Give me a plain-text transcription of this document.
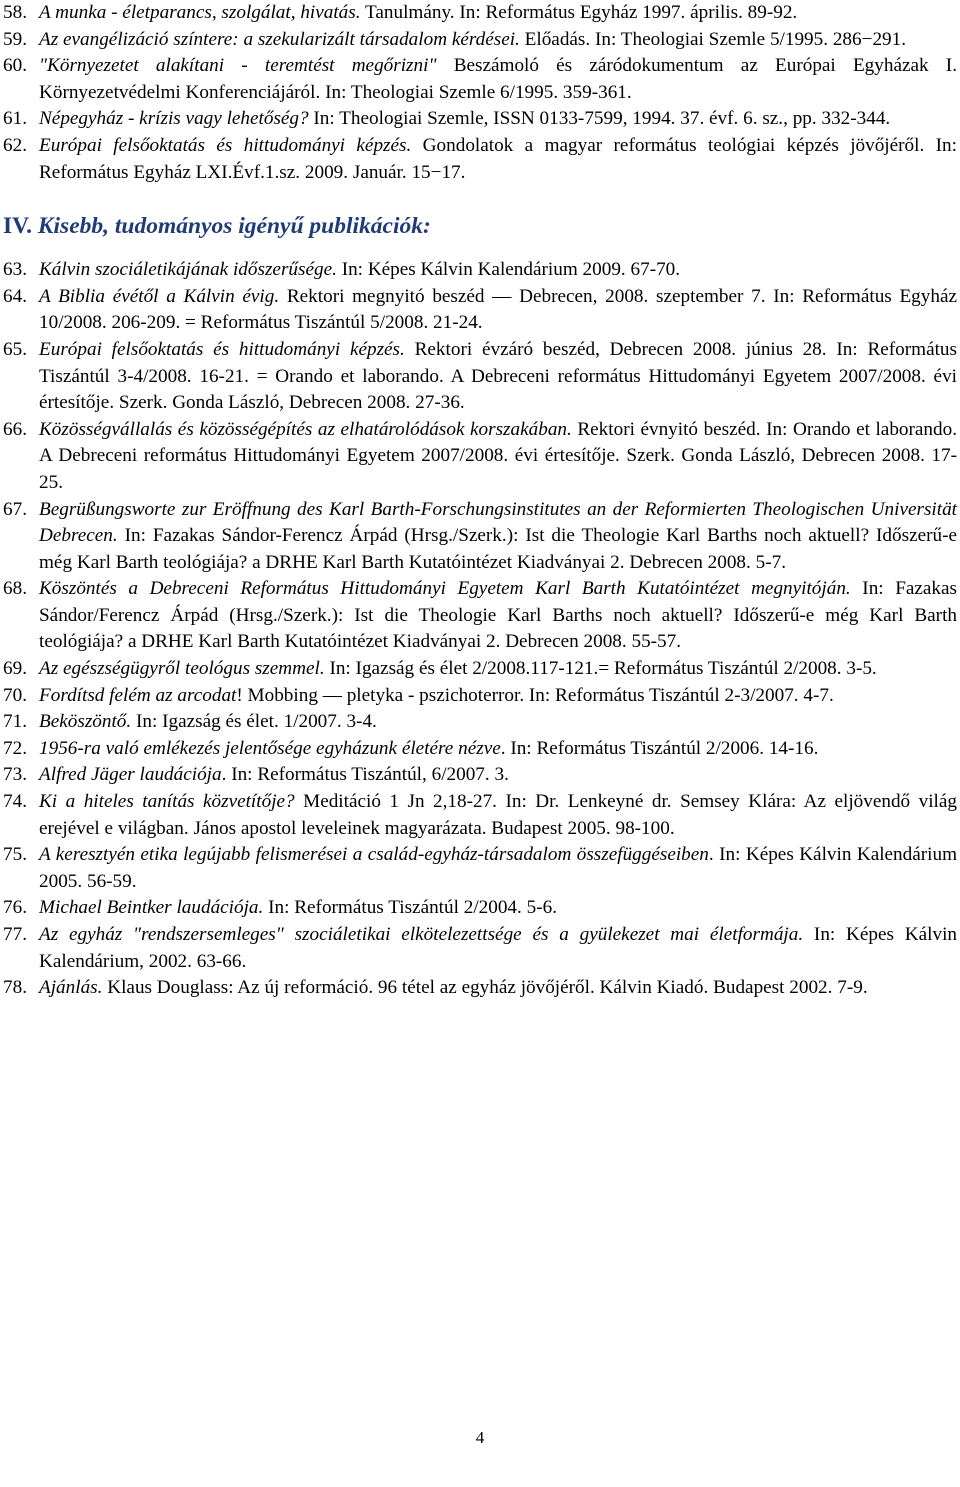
58. A munka - életparancs, szolgálat, hivatás. Tanulmány. In: Református Egyház 1997. április. 89-92.
59. Az evangélizáció színtere: a szekularizált társadalom kérdései. Előadás. In: Theologiai Szemle 5/1995. 286−291.
60. "Környezetet alakítani - teremtést megőrizni" Beszámoló és záródokumentum az Európai Egyházak I. Környezetvédelmi Konferenciájáról. In: Theologiai Szemle 6/1995. 359-361.
61. Népegyház - krízis vagy lehetőség? In: Theologiai Szemle, ISSN 0133-7599, 1994. 37. évf. 6. sz., pp. 332-344.
62. Európai felsőoktatás és hittudományi képzés. Gondolatok a magyar református teológiai képzés jövőjéről. In: Református Egyház LXI.Évf.1.sz. 2009. Január. 15−17.
IV. Kisebb, tudományos igényű publikációk:
63. Kálvin szociáletikájának időszerűsége. In: Képes Kálvin Kalendárium 2009. 67-70.
64. A Biblia évétől a Kálvin évig. Rektori megnyitó beszéd ― Debrecen, 2008. szeptember 7. In: Református Egyház 10/2008. 206-209. = Református Tiszántúl 5/2008. 21-24.
65. Európai felsőoktatás és hittudományi képzés. Rektori évzáró beszéd, Debrecen 2008. június 28. In: Református Tiszántúl 3-4/2008. 16-21. = Orando et laborando. A Debreceni református Hittudományi Egyetem 2007/2008. évi értesítője. Szerk. Gonda László, Debrecen 2008. 27-36.
66. Közösségvállalás és közösségépítés az elhatárolódások korszakában. Rektori évnyitó beszéd. In: Orando et laborando. A Debreceni református Hittudományi Egyetem 2007/2008. évi értesítője. Szerk. Gonda László, Debrecen 2008. 17-25.
67. Begrüßungsworte zur Eröffnung des Karl Barth-Forschungsinstitutes an der Reformierten Theologischen Universität Debrecen. In: Fazakas Sándor-Ferencz Árpád (Hrsg./Szerk.): Ist die Theologie Karl Barths noch aktuell? Időszerű-e még Karl Barth teológiája? a DRHE Karl Barth Kutatóintézet Kiadványai 2. Debrecen 2008. 5-7.
68. Köszöntés a Debreceni Református Hittudományi Egyetem Karl Barth Kutatóintézet megnyitóján. In: Fazakas Sándor/Ferencz Árpád (Hrsg./Szerk.): Ist die Theologie Karl Barths noch aktuell? Időszerű-e még Karl Barth teológiája? a DRHE Karl Barth Kutatóintézet Kiadványai 2. Debrecen 2008. 55-57.
69. Az egészségügyről teológus szemmel. In: Igazság és élet 2/2008.117-121.= Református Tiszántúl 2/2008. 3-5.
70. Fordítsd felém az arcodat! Mobbing ― pletyka - pszichoterror. In: Református Tiszántúl 2-3/2007. 4-7.
71. Beköszöntő. In: Igazság és élet. 1/2007. 3-4.
72. 1956-ra való emlékezés jelentősége egyházunk életére nézve. In: Református Tiszántúl 2/2006. 14-16.
73. Alfred Jäger laudációja. In: Református Tiszántúl, 6/2007. 3.
74. Ki a hiteles tanítás közvetítője? Meditáció 1 Jn 2,18-27. In: Dr. Lenkeyné dr. Semsey Klára: Az eljövendő világ erejével e világban. János apostol leveleinek magyarázata. Budapest 2005. 98-100.
75. A keresztyén etika legújabb felismerései a család-egyház-társadalom összefüggéseiben. In: Képes Kálvin Kalendárium 2005. 56-59.
76. Michael Beintker laudációja. In: Református Tiszántúl 2/2004. 5-6.
77. Az egyház "rendszersemleges" szociáletikai elkötelezettsége és a gyülekezet mai életformája. In: Képes Kálvin Kalendárium, 2002. 63-66.
78. Ajánlás. Klaus Douglass: Az új reformáció. 96 tétel az egyház jövőjéről. Kálvin Kiadó. Budapest 2002. 7-9.
4
